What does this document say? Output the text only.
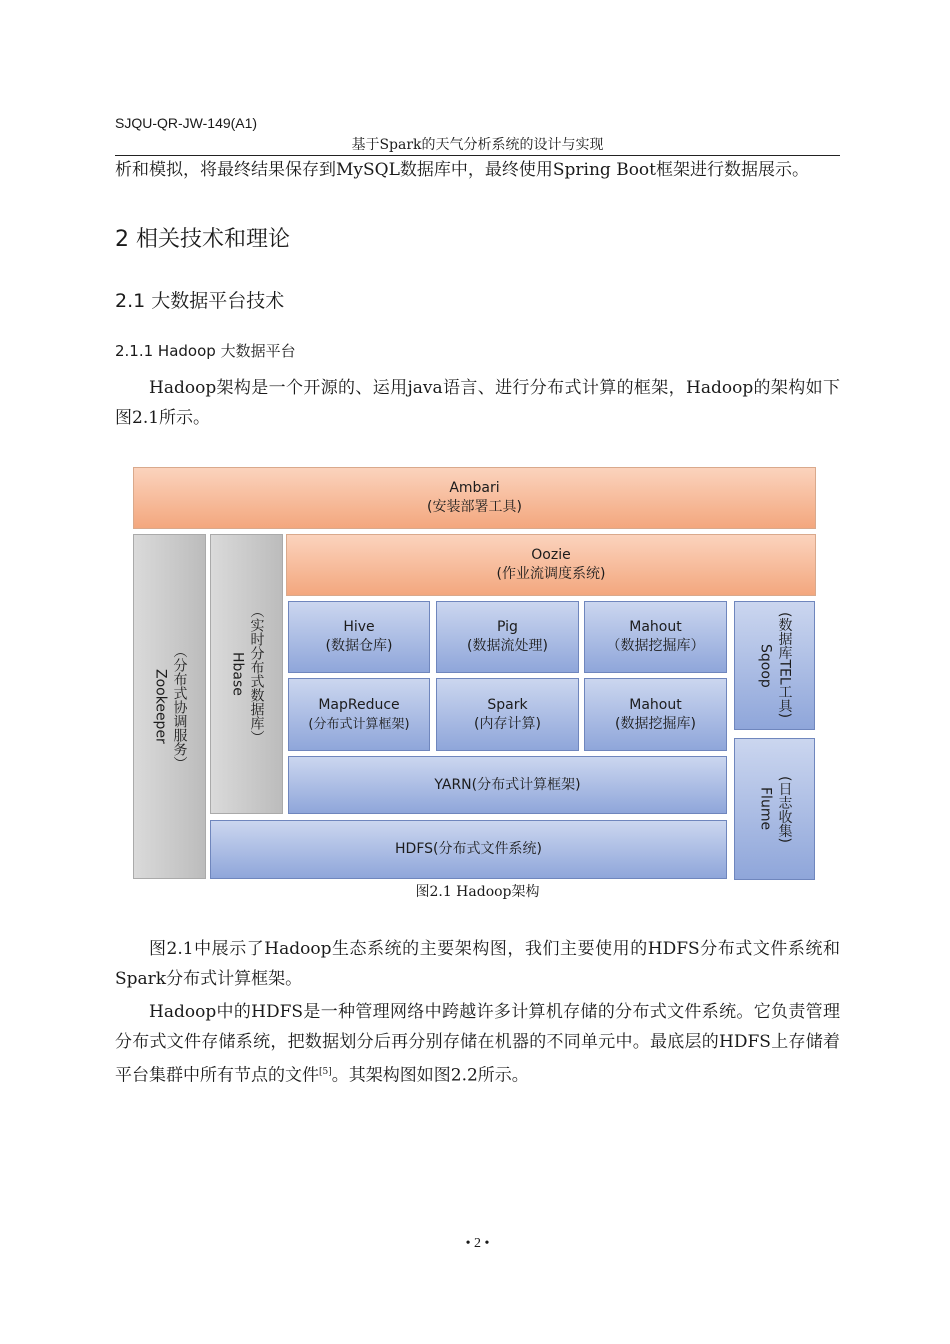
SJQU-QR-JW-149(A1)
基于Spark的天气分析系统的设计与实现

析和模拟，将最终结果保存到MySQL数据库中，最终使用Spring Boot框架进行数据展示。

2 相关技术和理论
2.1 大数据平台技术
2.1.1 Hadoop 大数据平台

Hadoop架构是一个开源的、运用java语言、进行分布式计算的框架，Hadoop的架构如下图2.1所示。

Ambari
(安装部署工具)
（分布式协调服务）
Zookeeper	（实时分布式数据库）
Hbase
Oozie
(作业流调度系统)
Hive
(数据仓库)
Pig
(数据流处理)
Mahout
（数据挖掘库）	(数据库TEL工具)
Sqoop
MapReduce
(分布式计算框架)
Spark
(内存计算)
Mahout
(数据挖掘库)
(日志收集)
Flume
YARN(分布式计算框架)
HDFS(分布式文件系统)
图2.1 Hadoop架构

图2.1中展示了Hadoop生态系统的主要架构图，我们主要使用的HDFS分布式文件系统和Spark分布式计算框架。

Hadoop中的HDFS是一种管理网络中跨越许多计算机存储的分布式文件系统。它负责管理分布式文件存储系统，把数据划分后再分别存储在机器的不同单元中。最底层的HDFS上存储着平台集群中所有节点的文件[5]。其架构图如图2.2所示。

• 2 •
